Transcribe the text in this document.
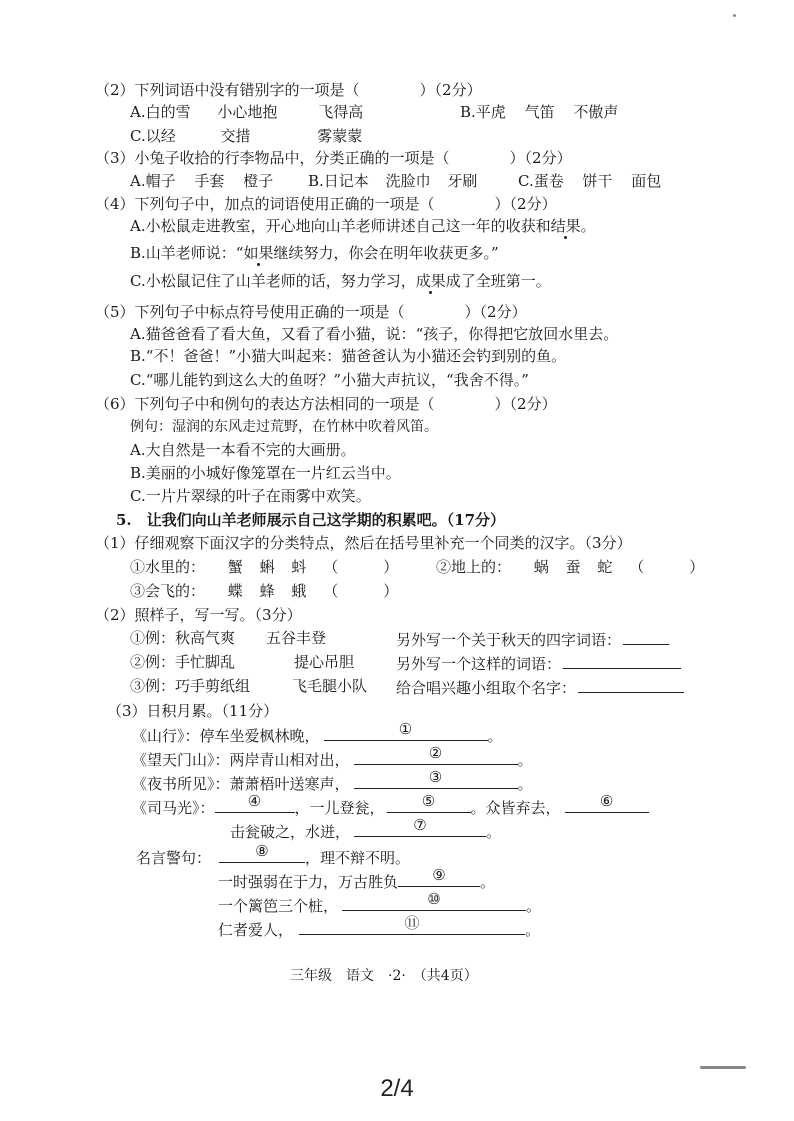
（2）下列词语中没有错别字的一项是（　　　　）（2分）
A.白的雪 小心地抱	飞得高	B.平虎 气笛 不傲声
C.以经	交措	雾蒙蒙
（3）小兔子收拾的行李物品中，分类正确的一项是（　　　　）（2分）
A.帽子 手套 橙子 B.日记本 洗脸巾 牙刷	C.蛋卷 饼干 面包
（4）下列句子中，加点的词语使用正确的一项是（　　　　）（2分）
A.小松鼠走进教室，开心地向山羊老师讲述自己这一年的收获和结果。
B.山羊老师说：“如果继续努力，你会在明年收获更多。”
C.小松鼠记住了山羊老师的话，努力学习，成果成了全班第一。
（5）下列句子中标点符号使用正确的一项是（　　　　）（2分）
A.猫爸爸看了看大鱼，又看了看小猫，说：“孩子，你得把它放回水里去。
B.“不！爸爸！”小猫大叫起来：猫爸爸认为小猫还会钓到别的鱼。
C.“哪儿能钓到这么大的鱼呀？”小猫大声抗议，“我舍不得。”
（6）下列句子中和例句的表达方法相同的一项是（　　　　）（2分）
例句：湿润的东风走过荒野，在竹林中吹着风笛。
A.大自然是一本看不完的大画册。
B.美丽的小城好像笼罩在一片红云当中。
C.一片片翠绿的叶子在雨雾中欢笑。
5.　让我们向山羊老师展示自己这学期的积累吧。（17分）
（1）仔细观察下面汉字的分类特点，然后在括号里补充一个同类的汉字。（3分）
①水里的： 蟹 蝌 蚪 （　　　）	②地上的： 蜗 蚕 蛇 （　　　）
③会飞的： 蝶 蜂 蛾 （　　　）
（2）照样子，写一写。（3分）
①例：秋高气爽 五谷丰登	另外写一个关于秋天的四字词语：
②例：手忙脚乱	提心吊胆	另外写一个这样的词语：
③例：巧手剪纸组	飞毛腿小队 给合唱兴趣小组取个名字：
（3）日积月累。（11分）
《山行》：停车坐爱枫林晚，	①	。
《望天门山》：两岸青山相对出，	②	。
《夜书所见》：萧萧梧叶送寒声，	③	。
《司马光》：	④	，一儿登瓮，	⑤	。众皆弃去，	⑥
击瓮破之，水迸，	⑦	。
名言警句：	⑧	，理不辩不明。
一时强弱在于力，万古胜负	⑨	。
一个篱笆三个桩，	⑩	。
仁者爱人，	⑪	。
三年级　语文　·2·　（共4页）
2/4
